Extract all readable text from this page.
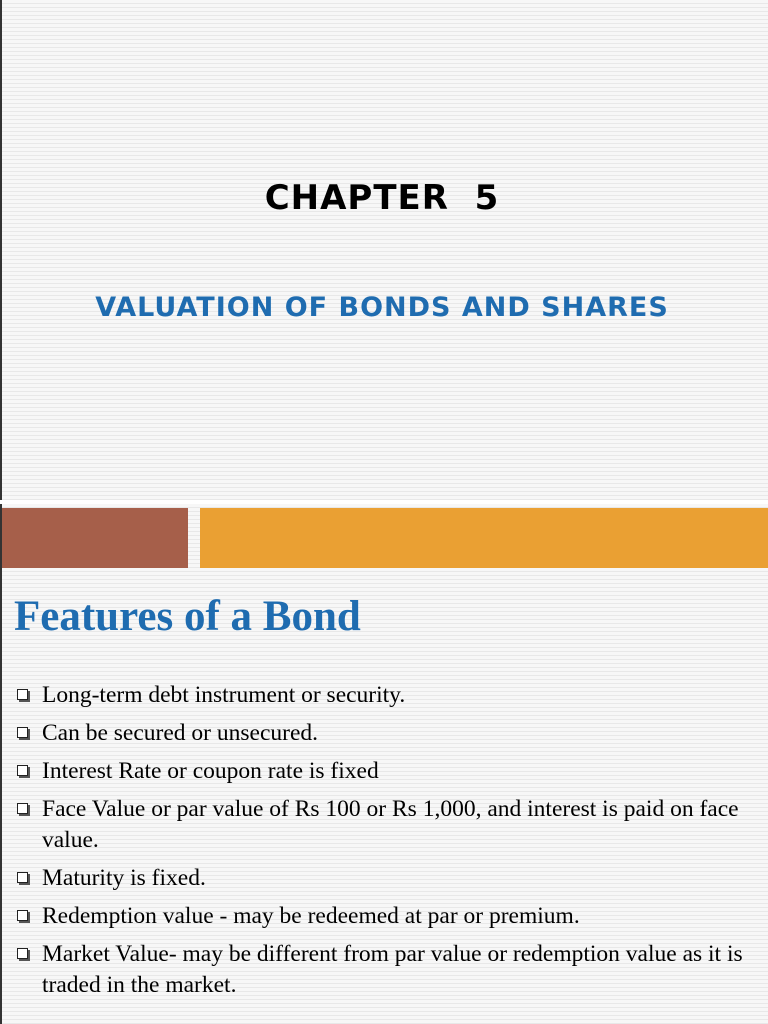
CHAPTER  5
VALUATION OF BONDS AND SHARES
Features of a Bond
Long-term debt instrument or security.
Can be secured or unsecured.
Interest Rate or coupon rate is fixed
Face Value or par value of Rs 100 or Rs 1,000, and interest is paid on face value.
Maturity is fixed.
Redemption value - may be redeemed at par or premium.
Market Value- may be different from par value or redemption value as it is traded in the market.
